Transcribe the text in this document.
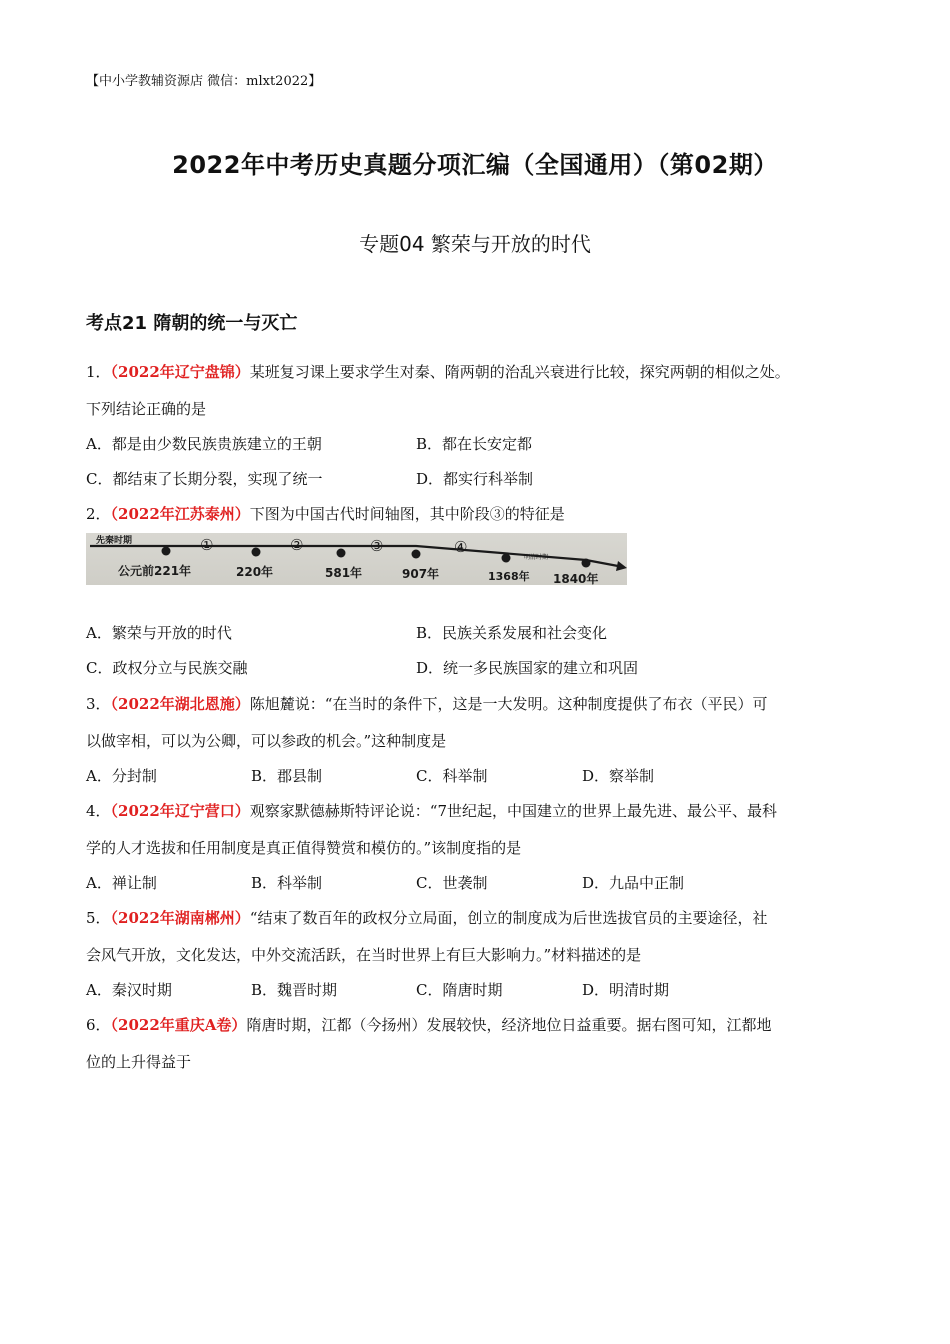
【中小学教辅资源店 微信：mlxt2022】
2022年中考历史真题分项汇编（全国通用）（第02期）
专题04 繁荣与开放的时代
考点21 隋朝的统一与灭亡
1．（2022年辽宁盘锦）某班复习课上要求学生对秦、隋两朝的治乱兴衰进行比较，探究两朝的相似之处。
下列结论正确的是
A．都是由少数民族贵族建立的王朝	B．都在长安定都
C．都结束了长期分裂，实现了统一	D．都实行科举制
2．（2022年江苏泰州）下图为中国古代时间轴图，其中阶段③的特征是
先秦时期
明清时期
①	②	③	④
公元前221年	220年	581年	907年	1368年 1840年
A．繁荣与开放的时代	B．民族关系发展和社会变化
C．政权分立与民族交融	D．统一多民族国家的建立和巩固
3．（2022年湖北恩施）陈旭麓说：“在当时的条件下，这是一大发明。这种制度提供了布衣（平民）可
以做宰相，可以为公卿，可以参政的机会。”这种制度是
A．分封制	B．郡县制	C．科举制	D．察举制
4．（2022年辽宁营口）观察家默德赫斯特评论说：“7世纪起，中国建立的世界上最先进、最公平、最科
学的人才选拔和任用制度是真正值得赞赏和模仿的。”该制度指的是
A．禅让制	B．科举制	C．世袭制	D．九品中正制
5．（2022年湖南郴州）“结束了数百年的政权分立局面，创立的制度成为后世选拔官员的主要途径，社
会风气开放，文化发达，中外交流活跃，在当时世界上有巨大影响力。”材料描述的是
A．秦汉时期	B．魏晋时期	C．隋唐时期	D．明清时期
6．（2022年重庆A卷）隋唐时期，江都（今扬州）发展较快，经济地位日益重要。据右图可知，江都地
位的上升得益于
